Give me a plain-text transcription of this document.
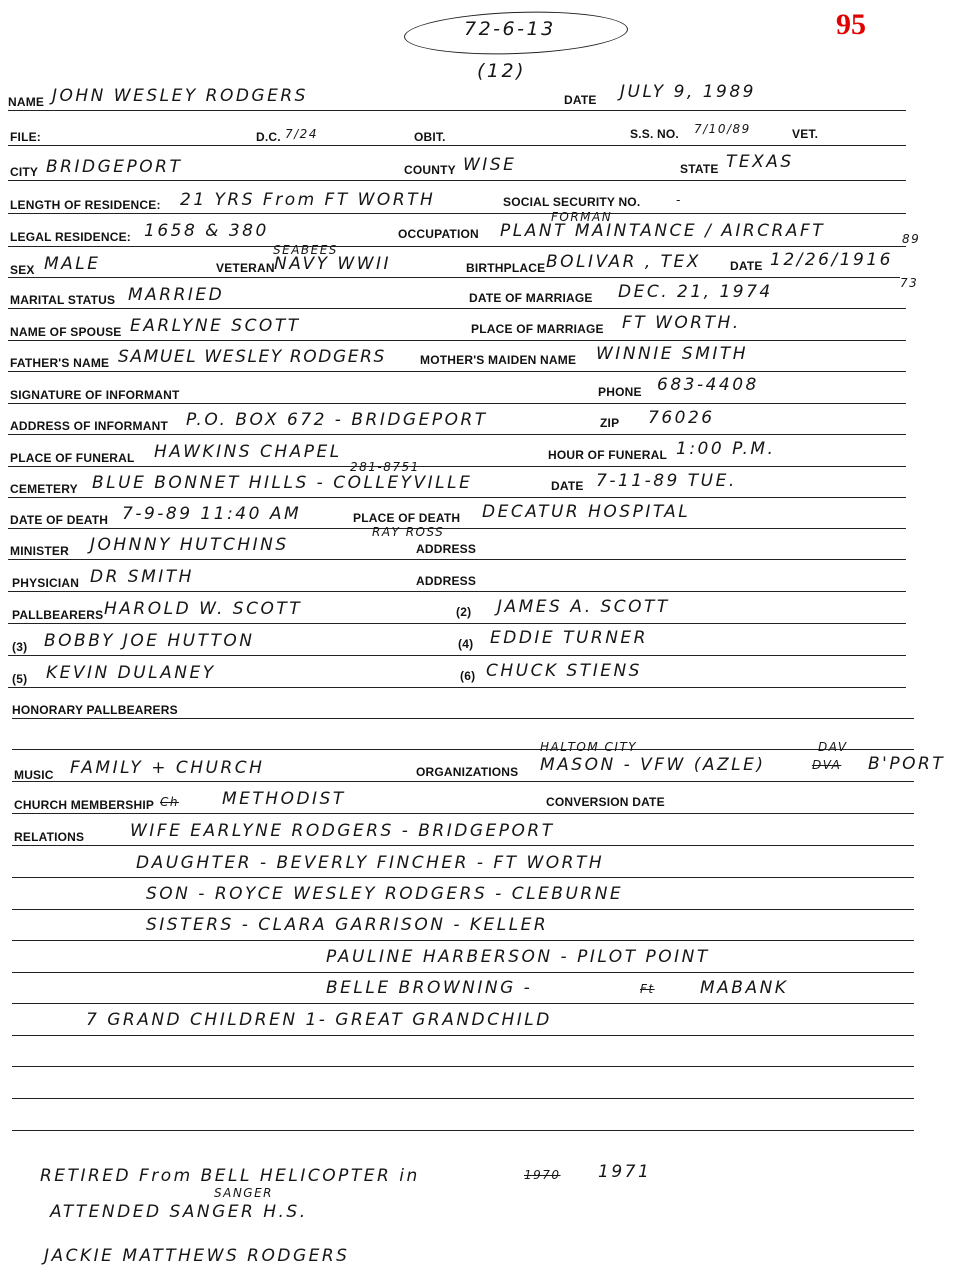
72-6-13
(12)
95
NAME JOHN WESLEY RODGERS	DATE JULY 9, 1989
FILE:	D.C. 7/24	OBIT.	S.S. NO. 7/10/89	VET.
CITY BRIDGEPORT	COUNTY WISE	STATE TEXAS
LENGTH OF RESIDENCE: 21 YRS From FT WORTH	SOCIAL SECURITY NO.	-
LEGAL RESIDENCE: 1658 & 380	OCCUPATION
FORMAN
PLANT MAINTANCE / AIRCRAFT	89
SEX MALE	VETERAN
SEABEES
NAVY WWII	BIRTHPLACE BOLIVAR , TEX DATE 12/26/1916
73
MARITAL STATUS MARRIED	DATE OF MARRIAGE DEC. 21, 1974
NAME OF SPOUSE EARLYNE SCOTT	PLACE OF MARRIAGE FT WORTH.
FATHER'S NAME SAMUEL WESLEY RODGERS	MOTHER'S MAIDEN NAME WINNIE SMITH
SIGNATURE OF INFORMANT	PHONE 683-4408
ADDRESS OF INFORMANT P.O. BOX 672 - BRIDGEPORT	ZIP 76026
PLACE OF FUNERAL HAWKINS CHAPEL	HOUR OF FUNERAL 1:00 P.M.
CEMETERY
281-8751
BLUE BONNET HILLS - COLLEYVILLE	DATE 7-11-89 TUE.
DATE OF DEATH 7-9-89 11:40 AM	PLACE OF DEATH DECATUR HOSPITAL
MINISTER JOHNNY HUTCHINS
RAY ROSS
ADDRESS
PHYSICIAN DR SMITH	ADDRESS
PALLBEARERS HAROLD W. SCOTT	(2) JAMES A. SCOTT
(3) BOBBY JOE HUTTON	(4) EDDIE TURNER
(5) KEVIN DULANEY	(6) CHUCK STIENS
HONORARY PALLBEARERS
MUSIC FAMILY + CHURCH	ORGANIZATIONS
HALTOM CITY
MASON - VFW (AZLE)	DVA
DAV
B'PORT
CHURCH MEMBERSHIP Ch	METHODIST	CONVERSION DATE
RELATIONS	WIFE EARLYNE RODGERS - BRIDGEPORT
DAUGHTER - BEVERLY FINCHER - FT WORTH
SON - ROYCE WESLEY RODGERS - CLEBURNE
SISTERS - CLARA GARRISON - KELLER
PAULINE HARBERSON - PILOT POINT
BELLE BROWNING -	Ft	MABANK
7 GRAND CHILDREN 1- GREAT GRANDCHILD
RETIRED From BELL HELICOPTER in	1970 1971
SANGER
ATTENDED SANGER H.S.
JACKIE MATTHEWS RODGERS
